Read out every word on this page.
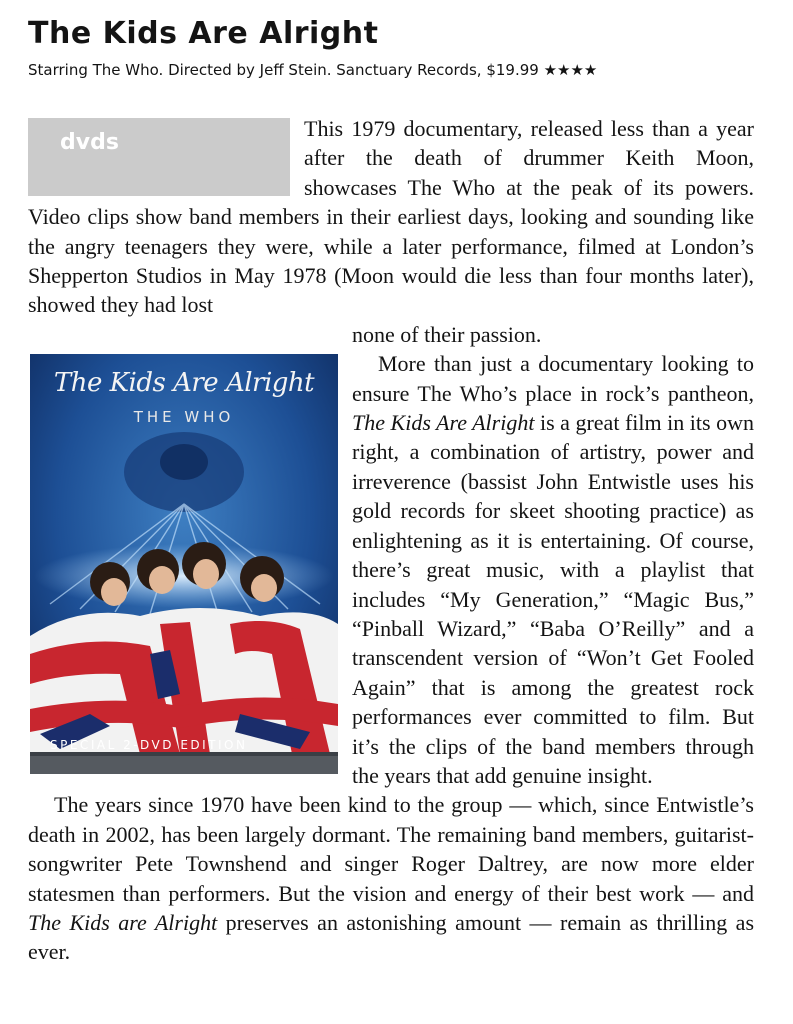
The Kids Are Alright
Starring The Who. Directed by Jeff Stein. Sanctuary Records, $19.99 ★★★★
dvds

This 1979 documentary, released less than a year after the death of drummer Keith Moon, showcases The Who at the peak of its powers. Video clips show band members in their earliest days, looking and sounding like the angry teenagers they were, while a later performance, filmed at London’s Shepperton Studios in May 1978 (Moon would die less than four months later), showed they had lost

none of their passion.

More than just a documentary looking to ensure The Who’s place in rock’s pantheon, The Kids Are Alright is a great film in its own right, a combination of artistry, power and irreverence (bassist John Entwistle uses his gold records for skeet shooting practice) as enlightening as it is entertaining. Of course, there’s great music, with a playlist that includes “My Generation,” “Magic Bus,” “Pinball Wizard,” “Baba O’Reilly” and a transcendent version of “Won’t Get Fooled Again” that is among the greatest rock performances ever committed to film. But it’s the clips of the band members through the years that add genuine insight.

The years since 1970 have been kind to the group — which, since Entwistle’s death in 2002, has been largely dormant. The remaining band members, guitarist-songwriter Pete Townshend and singer Roger Daltrey, are now more elder statesmen than performers. But the vision and energy of their best work — and The Kids are Alright preserves an astonishing amount — remain as thrilling as ever.

The Kids Are Alright
THE WHO
SPECIAL 2-DVD EDITION
